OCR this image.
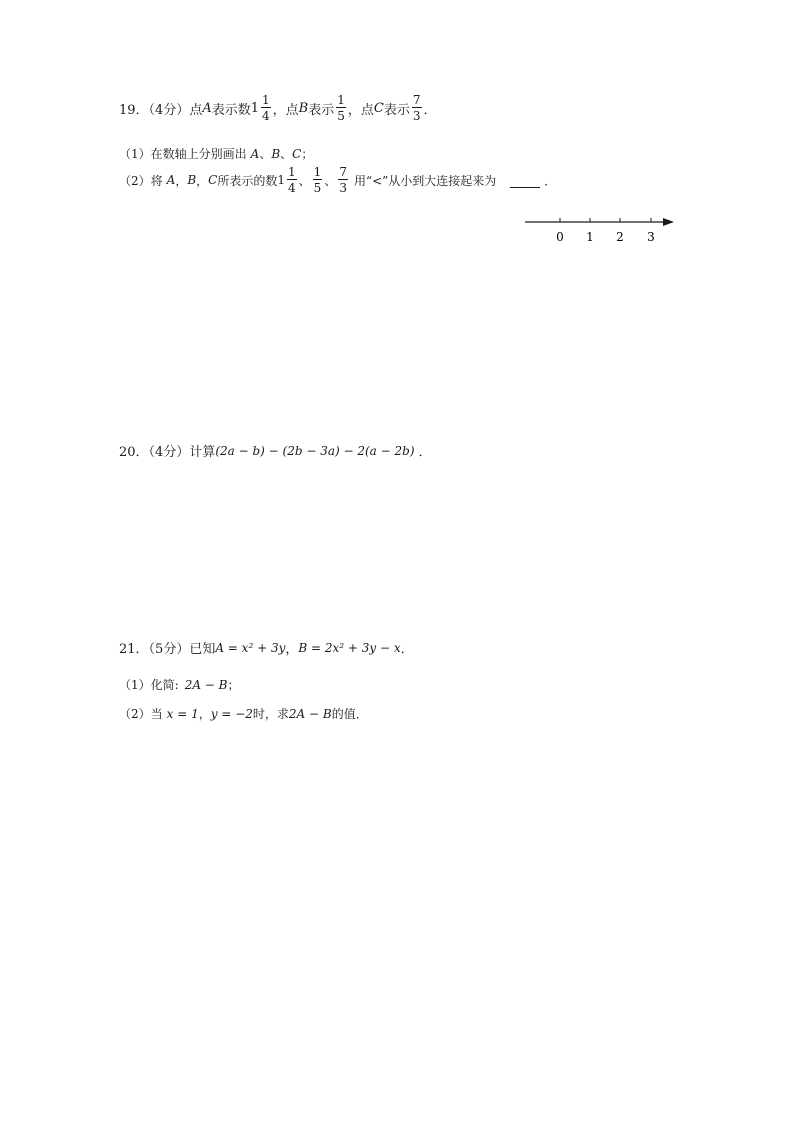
19．（4分）点 A 表示数 $1 \frac{1}{4}$ ，点 B 表示 $\frac{1}{5}$ ，点 C 表示 $\frac{7}{3}$ ．
（1）在数轴上分别画出 A 、 B 、 C ；
（2）将 A ， B ， C 所表示的数 $1 \frac{1}{4}$ 、 $\frac{1}{5}$ 、 $\frac{7}{3}$ 用“<”从小到大连接起来为	．
0 1 2 3
20．（4分）计算 (2a − b) − (2b − 3a) − 2(a − 2b) ．
21．（5分）已知 A = x² + 3y ， B = 2x² + 3y − x ．
（1）化简: 2A − B ；
（2）当 x = 1 ， y = −2 时，求 2A − B 的值．
